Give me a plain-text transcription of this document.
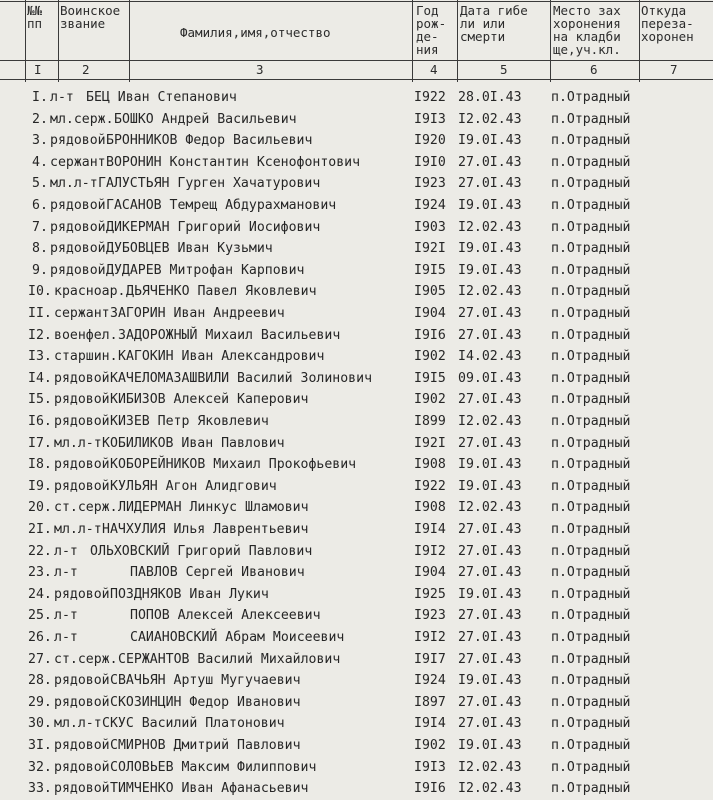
№№
пп
Воинское
звание
Фамилия,имя,отчество
Год
рож-
де-
ния
Дата гибе
ли или
смерти
Место зах
хоронения
на кладби
ще,уч.кл.
Откуда
переза-
хоронен
I	2	3	4	5	6	7
I. л-т БЕЦ Иван Степанович	I922 28.0I.43 п.Отрадный
2. мл.серж. БОШКО Андрей Васильевич	I9I3 I2.02.43 п.Отрадный
3. рядовой БРОННИКОВ Федор Васильевич	I920 I9.0I.43 п.Отрадный
4. сержант ВОРОНИН Константин Ксенофонтович	I9I0 27.0I.43 п.Отрадный
5. мл.л-т ГАЛУСТЬЯН Гурген Хачатурович	I923 27.0I.43 п.Отрадный
6. рядовой ГАСАНОВ Темрещ Абдурахманович	I924 I9.0I.43 п.Отрадный
7. рядовой ДИКЕРМАН Григорий Иосифович	I903 I2.02.43 п.Отрадный
8. рядовой ДУБОВЦЕВ Иван Кузьмич	I92I I9.0I.43 п.Отрадный
9. рядовой ДУДАРЕВ Митрофан Карпович	I9I5 I9.0I.43 п.Отрадный
I0. краснoар. ДЬЯЧЕНКО Павел Яковлевич	I905 I2.02.43 п.Отрадный
II. сержант ЗАГОРИН Иван Андреевич	I904 27.0I.43 п.Отрадный
I2. военфел. ЗАДОРОЖНЫЙ Михаил Васильевич	I9I6 27.0I.43 п.Отрадный
I3. старшин. КАГОКИН Иван Александрович	I902 I4.02.43 п.Отрадный
I4. рядовой КАЧЕЛОМАЗАШВИЛИ Василий Золинович	I9I5 09.0I.43 п.Отрадный
I5. рядовой КИБИЗОВ Алексей Каперович	I902 27.0I.43 п.Отрадный
I6. рядовой КИЗЕВ Петр Яковлевич	I899 I2.02.43 п.Отрадный
I7. мл.л-т КОБИЛИКОВ Иван Павлович	I92I 27.0I.43 п.Отрадный
I8. рядовой КОБОРЕЙНИКОВ Михаил Прокофьевич	I908 I9.0I.43 п.Отрадный
I9. рядовой КУЛЬЯН Агон Алидгович	I922 I9.0I.43 п.Отрадный
20. ст.серж. ЛИДЕРМАН Линкус Шламович	I908 I2.02.43 п.Отрадный
2I. мл.л-т НАЧХУЛИЯ Илья Лаврентьевич	I9I4 27.0I.43 п.Отрадный
22. л-т ОЛЬХОВСКИЙ Григорий Павлович	I9I2 27.0I.43 п.Отрадный
23. л-т	ПАВЛОВ Сергей Иванович	I904 27.0I.43 п.Отрадный
24. рядовой ПОЗДНЯКОВ Иван Лукич	I925 I9.0I.43 п.Отрадный
25. л-т	ПОПОВ Алексей Алексеевич	I923 27.0I.43 п.Отрадный
26. л-т	САИАНОВСКИЙ Абрам Моисеевич	I9I2 27.0I.43 п.Отрадный
27. ст.серж. СЕРЖАНТОВ Василий Михайлович	I9I7 27.0I.43 п.Отрадный
28. рядовой СВАЧЬЯН Артуш Мугучаевич	I924 I9.0I.43 п.Отрадный
29. рядовой СКОЗИНЦИН Федор Иванович	I897 27.0I.43 п.Отрадный
30. мл.л-т СКУС Василий Платонович	I9I4 27.0I.43 п.Отрадный
3I. рядовой СМИРНОВ Дмитрий Павлович	I902 I9.0I.43 п.Отрадный
32. рядовой СОЛОВЬЕВ Максим Филиппович	I9I3 I2.02.43 п.Отрадный
33. рядовой ТИМЧЕНКО Иван Афанасьевич	I9I6 I2.02.43 п.Отрадный
